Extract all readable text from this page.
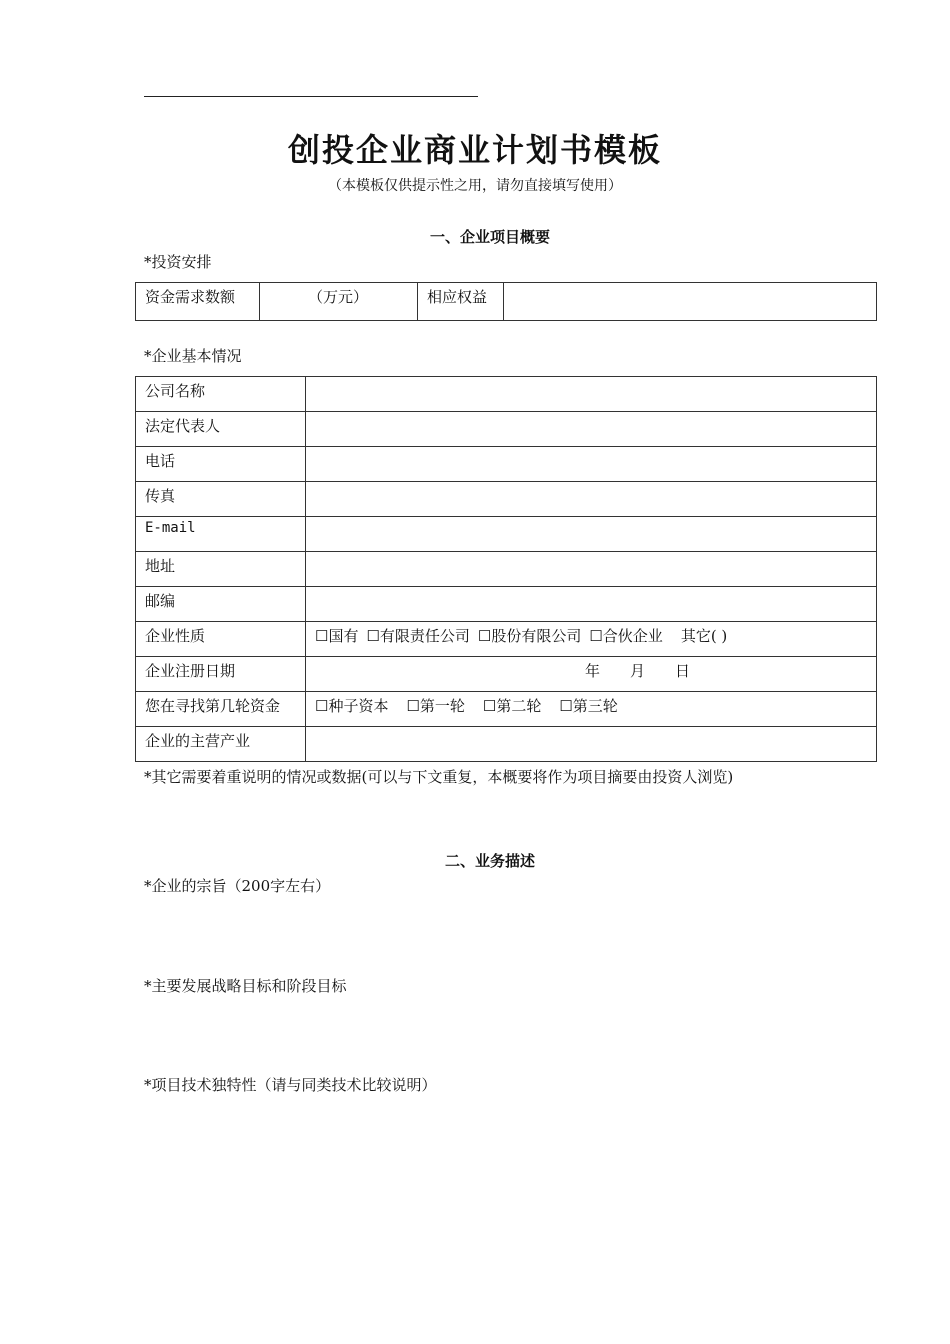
创投企业商业计划书模板
（本模板仅供提示性之用，请勿直接填写使用）
一、企业项目概要
*投资安排
资金需求数额	（万元）	相应权益	
*企业基本情况
公司名称	
法定代表人	
电话	
传真	
E-mail	
地址	
邮编	
企业性质	☐国有 ☐有限责任公司 ☐股份有限公司 ☐合伙企业 其它( )
企业注册日期	年　　月　　日
您在寻找第几轮资金	☐种子资本 ☐第一轮 ☐第二轮 ☐第三轮
企业的主营产业	
*其它需要着重说明的情况或数据(可以与下文重复，本概要将作为项目摘要由投资人浏览)
二、业务描述
*企业的宗旨（200字左右）
*主要发展战略目标和阶段目标
*项目技术独特性（请与同类技术比较说明）
